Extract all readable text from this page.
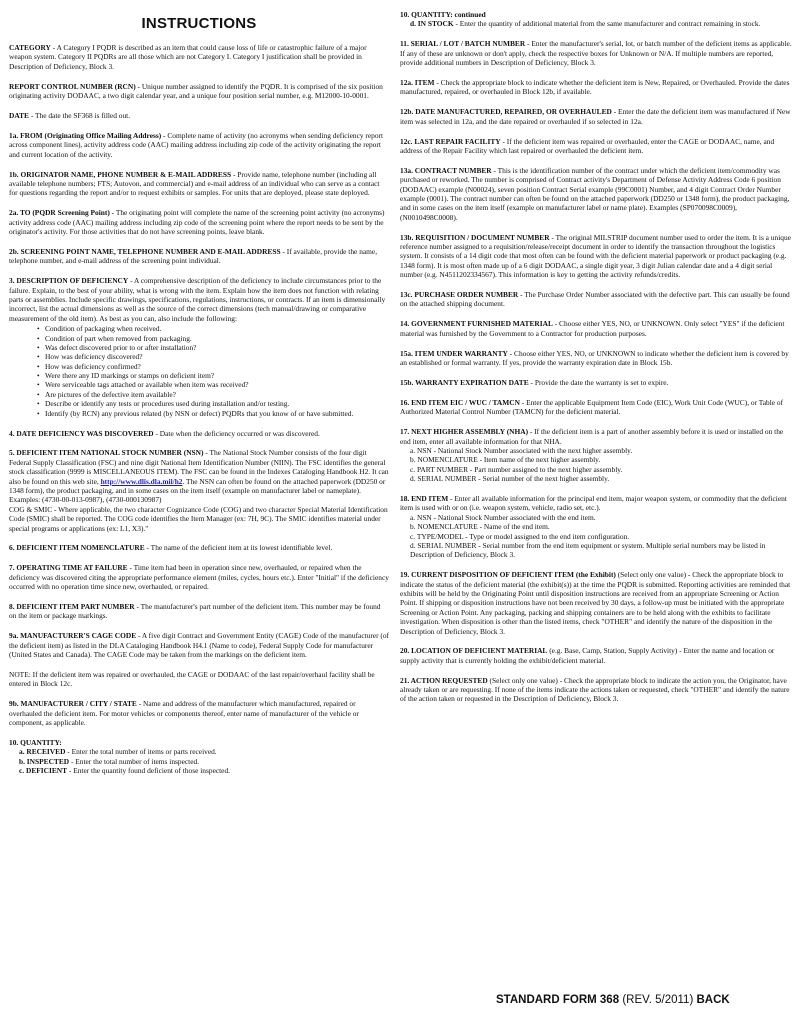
INSTRUCTIONS
CATEGORY - A Category I PQDR is described as an item that could cause loss of life or catastrophic failure of a major weapon system. Category II PQDRs are all those which are not Category I. Category I justification shall be provided in Description of Deficiency, Block 3.
REPORT CONTROL NUMBER (RCN) - Unique number assigned to identify the PQDR. It is comprised of the six position originating activity DODAAC, a two digit calendar year, and a unique four position serial number, e.g. M12000-10-0001.
DATE - The date the SF368 is filled out.
1a. FROM (Originating Office Mailing Address) - Complete name of activity (no acronyms when sending deficiency report across component lines), activity address code (AAC) mailing address including zip code of the activity originating the report and current location of the activity.
1b. ORIGINATOR NAME, PHONE NUMBER & E-MAIL ADDRESS - Provide name, telephone number (including all available telephone numbers; FTS; Autovon, and commercial) and e-mail address of an individual who can serve as a contact for questions regarding the report and/or to request exhibits or samples. For units that are deployed, please state deployed.
2a. TO (PQDR Screening Point) - The originating point will complete the name of the screening point activity (no acronyms) activity address code (AAC) mailing address including zip code of the screening point where the report needs to be sent by the originator's activity. For those activities that do not have screening points, leave blank.
2b. SCREENING POINT NAME, TELEPHONE NUMBER AND E-MAIL ADDRESS - If available, provide the name, telephone number, and e-mail address of the screening point individual.
3. DESCRIPTION OF DEFICIENCY - A comprehensive description of the deficiency to include circumstances prior to the failure. Explain, to the best of your ability, what is wrong with the item. Explain how the item does not function with relating parts or assemblies. Include specific drawings, specifications, regulations, instructions, or contracts. If an item is dimensionally incorrect, list the actual dimensions as well as the source of the correct dimensions (tech manual/drawing or comparative measurement of the old item). As best as you can, also include the following:
• Condition of packaging when received.
• Condition of part when removed from packaging.
• Was defect discovered prior to or after installation?
• How was deficiency discovered?
• How was deficiency confirmed?
• Were there any ID markings or stamps on deficient item?
• Were serviceable tags attached or available when item was received?
• Are pictures of the defective item available?
• Describe or identify any tests or procedures used during installation and/or testing.
• Identify (by RCN) any previous related (by NSN or defect) PQDRs that you know of or have submitted.
4. DATE DEFICIENCY WAS DISCOVERED - Date when the deficiency occurred or was discovered.
5. DEFICIENT ITEM NATIONAL STOCK NUMBER (NSN) - The National Stock Number consists of the four digit Federal Supply Classification (FSC) and nine digit National Item Identification Number (NIIN). The FSC identifies the general stock classification (9999 is MISCELLANEOUS ITEM). The FSC can be found in the Indexes Cataloging Handbook H2. It can also be found on this web site, http://www.dlis.dla.mil/h2. The NSN can often be found on the attached paperwork (DD250 or 1348 form), the product packaging, and in some cases on the item itself (example on manufacturer label or nameplate). Examples: (4730-00-013-0987), (4730-000130987)
COG & SMIC - Where applicable, the two character Cognizance Code (COG) and two character Special Material Identification Code (SMIC) shall be reported. The COG code identifies the Item Manager (ex: 7H, 9C). The SMIC identifies material under special programs or applications (ex: L1, X3)."
6. DEFICIENT ITEM NOMENCLATURE - The name of the deficient item at its lowest identifiable level.
7. OPERATING TIME AT FAILURE - Time item had been in operation since new, overhauled, or repaired when the deficiency was discovered citing the appropriate performance element (miles, cycles, hours etc.). Enter "Initial" if the deficiency occurred with no operation time since new, overhauled, or repaired.
8. DEFICIENT ITEM PART NUMBER - The manufacturer's part number of the deficient item. This number may be found on the item or package markings.
9a. MANUFACTURER'S CAGE CODE - A five digit Contract and Government Entity (CAGE) Code of the manufacturer (of the deficient item) as listed in the DLA Cataloging Handbook H4.1 (Name to code), Federal Supply Code for manufacturer (United States and Canada). The CAGE Code may be taken from the markings on the deficient item.
NOTE: If the deficient item was repaired or overhauled, the CAGE or DODAAC of the last repair/overhaul facility shall be entered in Block 12c.
9b. MANUFACTURER / CITY / STATE - Name and address of the manufacturer which manufactured, repaired or overhauled the deficient item. For motor vehicles or components thereof, enter name of manufacturer of the vehicle or component, as applicable.
10. QUANTITY:
a. RECEIVED - Enter the total number of items or parts received.
b. INSPECTED - Enter the total number of items inspected.
c. DEFICIENT - Enter the quantity found deficient of those inspected.
10. QUANTITY: continued
d. IN STOCK - Enter the quantity of additional material from the same manufacturer and contract remaining in stock.
11. SERIAL / LOT / BATCH NUMBER - Enter the manufacturer's serial, lot, or batch number of the deficient items as applicable. If any of these are unknown or don't apply, check the respective boxes for Unknown or N/A. If multiple numbers are reported, provide additional numbers in Description of Deficiency, Block 3.
12a. ITEM - Check the appropriate block to indicate whether the deficient item is New, Repaired, or Overhauled. Provide the dates manufactured, repaired, or overhauled in Block 12b, if available.
12b. DATE MANUFACTURED, REPAIRED, OR OVERHAULED - Enter the date the deficient item was manufactured if New item was selected in 12a, and the date repaired or overhauled if so selected in 12a.
12c. LAST REPAIR FACILITY - If the deficient item was repaired or overhauled, enter the CAGE or DODAAC, name, and address of the Repair Facility which last repaired or overhauled the deficient item.
13a. CONTRACT NUMBER - This is the identification number of the contract under which the deficient item/commodity was purchased or reworked. The number is comprised of Contract activity's Department of Defense Activity Address Code 6 position (DODAAC) example (N00024), seven position Contract Serial example (99C0001) Number, and 4 digit Contract Order Number example (0001). The contract number can often be found on the attached paperwork (DD250 or 1348 form), the product packaging, and in some cases on the item itself (example on manufacturer label or name plate). Examples (SP070098C0009), (N0010498C0008).
13b. REQUISITION / DOCUMENT NUMBER - The original MILSTRIP document number used to order the item. It is a unique reference number assigned to a requisition/release/receipt document in order to identify the transaction throughout the logistics system. It consists of a 14 digit code that most often can be found with the deficient material paperwork or product packaging (e.g. 1348 form). It is most often made up of a 6 digit DODAAC, a single digit year, 3 digit Julian calendar date and a 4 digit serial number (e.g. N4511202334567). This information is key to getting the activity refunds/credits.
13c. PURCHASE ORDER NUMBER - The Purchase Order Number associated with the defective part. This can usually be found on the attached shipping document.
14. GOVERNMENT FURNISHED MATERIAL - Choose either YES, NO, or UNKNOWN. Only select "YES" if the deficient material was furnished by the Government to a Contractor for production purposes.
15a. ITEM UNDER WARRANTY - Choose either YES, NO, or UNKNOWN to indicate whether the deficient item is covered by an established or formal warranty. If yes, provide the warranty expiration date in Block 15b.
15b. WARRANTY EXPIRATION DATE - Provide the date the warranty is set to expire.
16. END ITEM EIC / WUC / TAMCN - Enter the applicable Equipment Item Code (EIC), Work Unit Code (WUC), or Table of Authorized Material Control Number (TAMCN) for the deficient material.
17. NEXT HIGHER ASSEMBLY (NHA) - If the deficient item is a part of another assembly before it is used or installed on the end item, enter all available information for that NHA.
a. NSN - National Stock Number associated with the next higher assembly.
b. NOMENCLATURE - Item name of the next higher assembly.
c. PART NUMBER - Part number assigned to the next higher assembly.
d. SERIAL NUMBER - Serial number of the next higher assembly.
18. END ITEM - Enter all available information for the principal end item, major weapon system, or commodity that the deficient item is used with or on (i.e. weapon system, vehicle, radio set, etc.).
a. NSN - National Stock Number associated with the end item.
b. NOMENCLATURE - Name of the end item.
c. TYPE/MODEL - Type or model assigned to the end item configuration.
d. SERIAL NUMBER - Serial number from the end item equipment or system. Multiple serial numbers may be listed in Description of Deficiency, Block 3.
19. CURRENT DISPOSITION OF DEFICIENT ITEM (the Exhibit) (Select only one value) - Check the appropriate block to indicate the status of the deficient material (the exhibit(s)) at the time the PQDR is submitted. Reporting activities are reminded that exhibits will be held by the Originating Point until disposition instructions are received from an appropriate Screening or Action Point. If shipping or disposition instructions have not been received by 30 days, a follow-up must be initiated with the appropriate Screening or Action Point. Any packaging, packing and shipping containers are to be held along with the exhibits to facilitate investigation. When disposition is other than the listed items, check "OTHER" and identify the nature of the disposition in the Description of Deficiency, Block 3.
20. LOCATION OF DEFICIENT MATERIAL (e.g. Base, Camp, Station, Supply Activity) - Enter the name and location or supply activity that is currently holding the exhibit/deficient material.
21. ACTION REQUESTED (Select only one value) - Check the appropriate block to indicate the action you, the Originator, have already taken or are requesting. If none of the items indicate the actions taken or requested, check "OTHER" and identify the nature of the action taken or requested in the Description of Deficiency, Block 3.
STANDARD FORM 368 (REV. 5/2011) BACK
